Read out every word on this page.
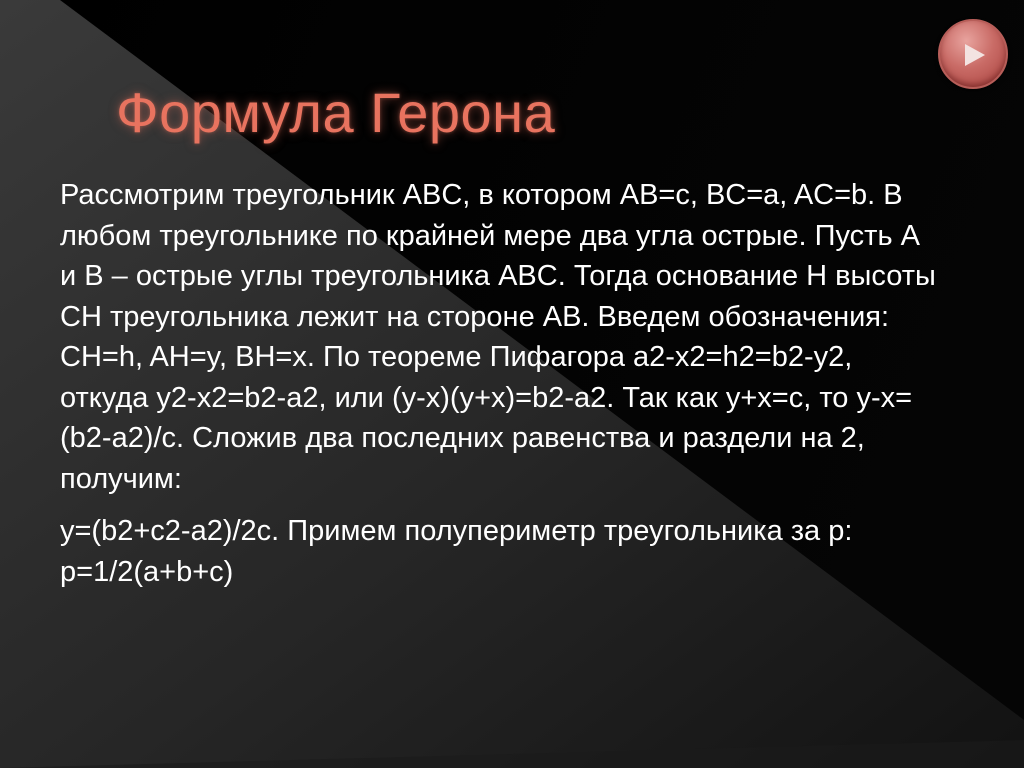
Формула Герона

Рассмотрим треугольник ABC, в котором AB=c, BC=a, AC=b. В любом треугольнике по крайней мере два угла острые. Пусть A и B – острые углы треугольника ABC. Тогда основание H высоты CH треугольника лежит на стороне AB. Введем обозначения: CH=h, AH=y, BH=x. По теореме Пифагора a2-x2=h2=b2-y2, откуда y2-x2=b2-a2, или (y-x)(y+x)=b2-a2. Так как y+x=c, то y-x=(b2-a2)/c. Сложив два последних равенства и раздели на 2, получим:

y=(b2+c2-a2)/2c. Примем полупериметр треугольника за p: p=1/2(a+b+c)
